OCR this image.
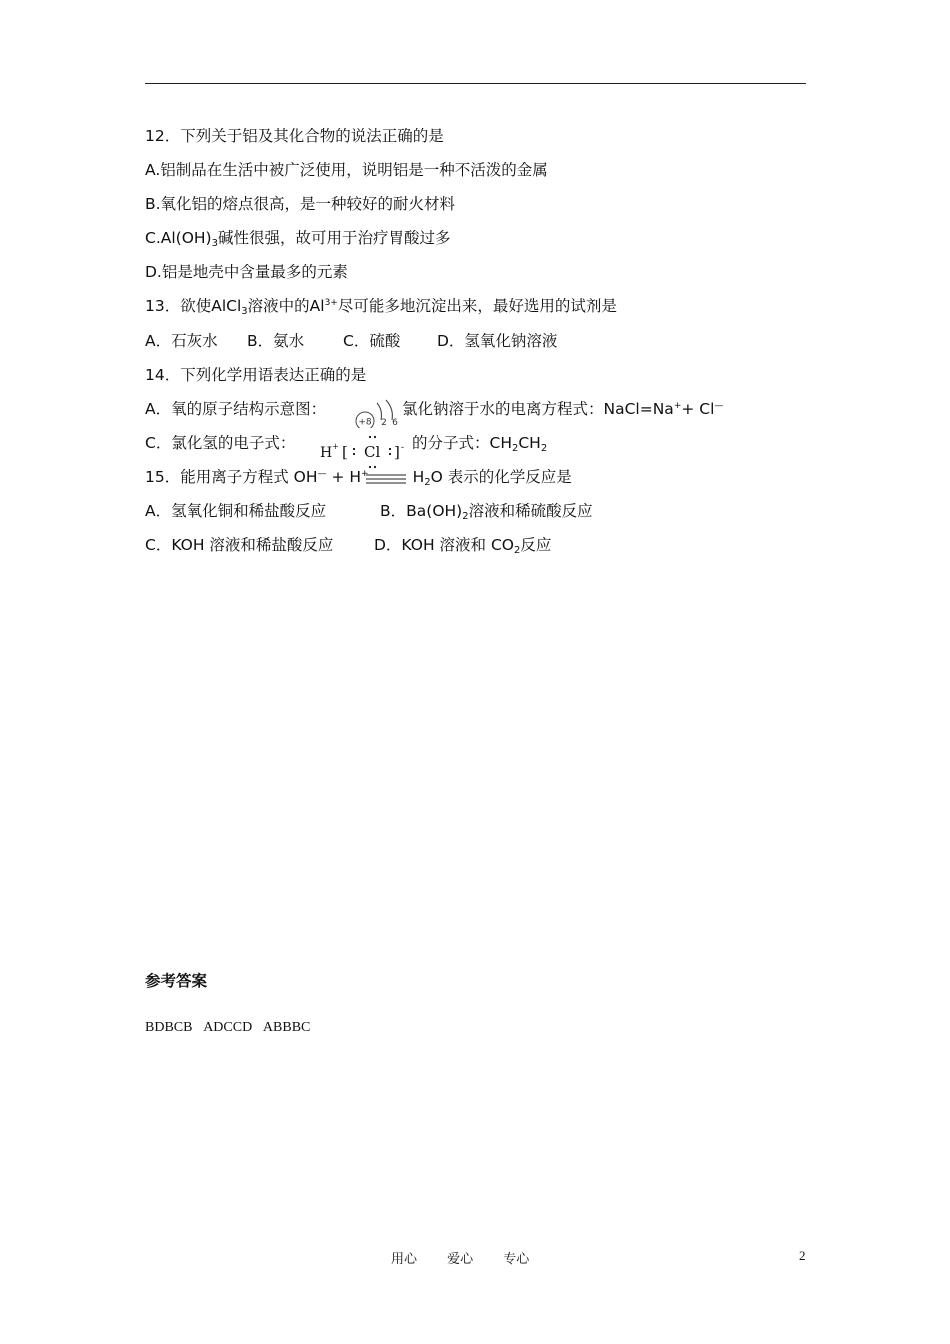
12．下列关于铝及其化合物的说法正确的是
A.铝制品在生活中被广泛使用，说明铝是一种不活泼的金属
B.氧化铝的熔点很高，是一种较好的耐火材料
$C.Al(OH)_3$碱性很强，故可用于治疗胃酸过多
D.铝是地壳中含量最多的元素
13．欲使AlCl$_3$溶液中的$Al^{3+}$尽可能多地沉淀出来，最好选用的试剂是
A．石灰水 B．氨水	C．硫酸 D．氢氧化钠溶液
14．下列化学用语表达正确的是
A．氧的原子结构示意图：
+8 2 6
氯化钠溶于水的电离方程式：NaCl=Na++ Cl—
C．氯化氢的电子式：
H + [ Cl ] - 的分子式：$CH_2CH_2$
15．能用离子方程式 OH— + H+	$H_2O$ 表示的化学反应是
A．氢氧化铜和稀盐酸反应	B．$Ba(OH)_2$溶液和稀硫酸反应
C．KOH 溶液和稀盐酸反应	D．KOH 溶液和 $CO_2$反应
参考答案
BDBCB ADCCD ABBBC
用心 爱心 专心	2
